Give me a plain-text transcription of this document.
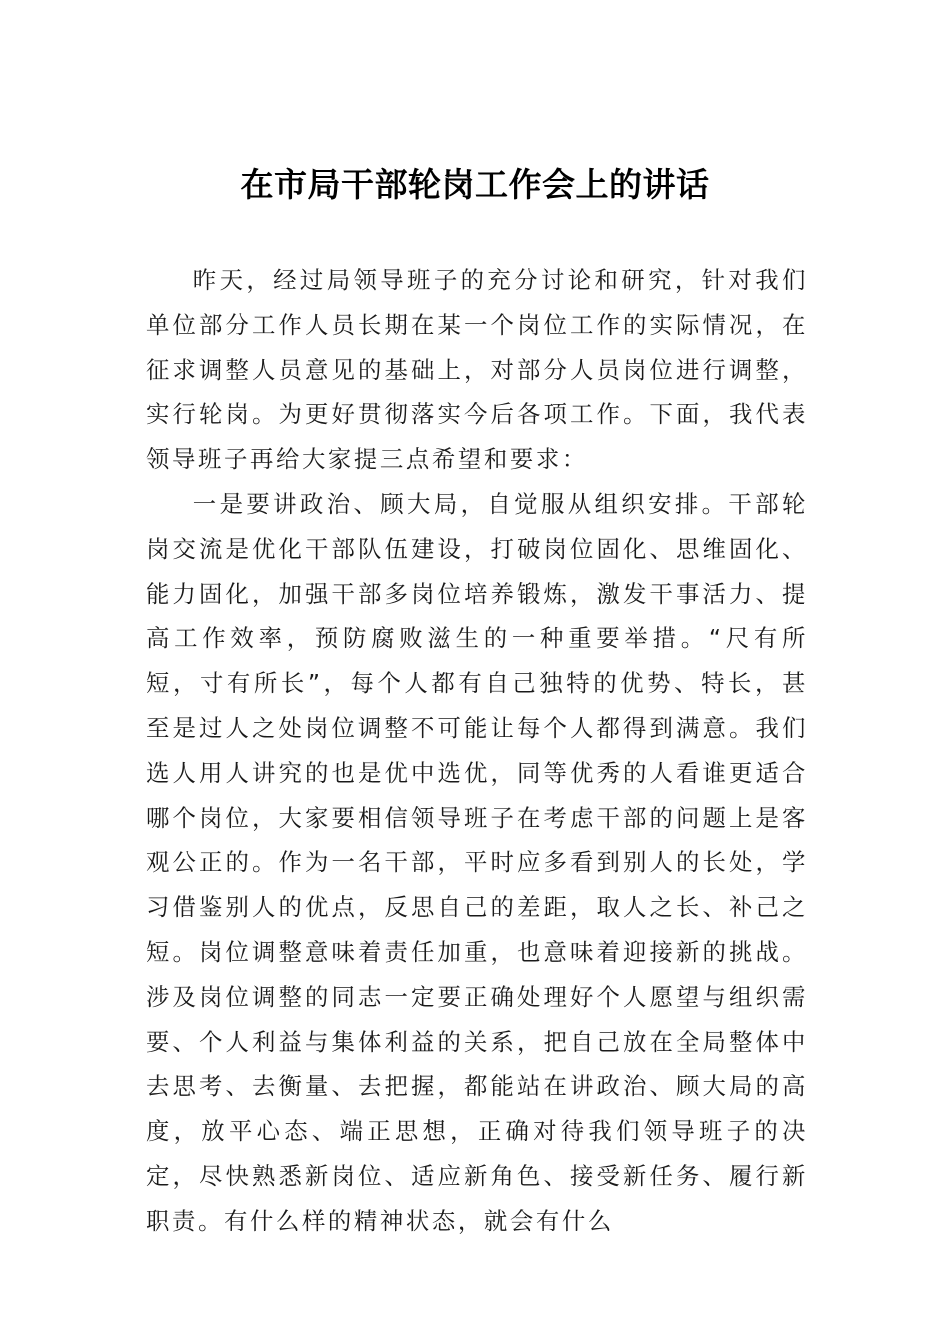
在市局干部轮岗工作会上的讲话

昨天，经过局领导班子的充分讨论和研究，针对我们单位部分工作人员长期在某一个岗位工作的实际情况，在征求调整人员意见的基础上，对部分人员岗位进行调整，实行轮岗。为更好贯彻落实今后各项工作。下面，我代表领导班子再给大家提三点希望和要求：

一是要讲政治、顾大局，自觉服从组织安排。干部轮岗交流是优化干部队伍建设，打破岗位固化、思维固化、能力固化，加强干部多岗位培养锻炼，激发干事活力、提高工作效率，预防腐败滋生的一种重要举措。“尺有所短，寸有所长”，每个人都有自己独特的优势、特长，甚至是过人之处岗位调整不可能让每个人都得到满意。我们选人用人讲究的也是优中选优，同等优秀的人看谁更适合哪个岗位，大家要相信领导班子在考虑干部的问题上是客观公正的。作为一名干部，平时应多看到别人的长处，学习借鉴别人的优点，反思自己的差距，取人之长、补己之短。岗位调整意味着责任加重，也意味着迎接新的挑战。涉及岗位调整的同志一定要正确处理好个人愿望与组织需要、个人利益与集体利益的关系，把自己放在全局整体中去思考、去衡量、去把握，都能站在讲政治、顾大局的高度，放平心态、端正思想，正确对待我们领导班子的决定，尽快熟悉新岗位、适应新角色、接受新任务、履行新职责。有什么样的精神状态，就会有什么
